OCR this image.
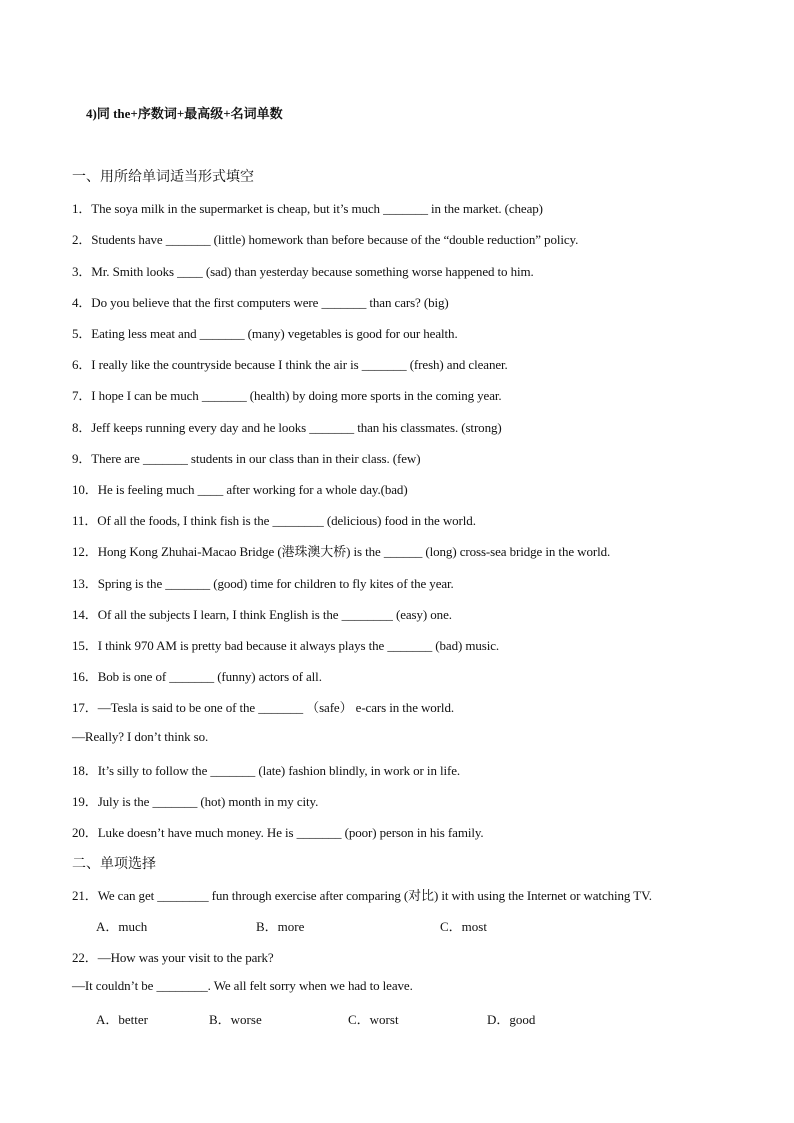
4)同 the+序数词+最高级+名词单数
一、用所给单词适当形式填空
1．The soya milk in the supermarket is cheap, but it’s much _______ in the market. (cheap)
2．Students have _______ (little) homework than before because of the “double reduction” policy.
3．Mr. Smith looks ____ (sad) than yesterday because something worse happened to him.
4．Do you believe that the first computers were _______ than cars? (big)
5．Eating less meat and _______ (many) vegetables is good for our health.
6．I really like the countryside because I think the air is _______ (fresh) and cleaner.
7．I hope I can be much _______ (health) by doing more sports in the coming year.
8．Jeff keeps running every day and he looks _______ than his classmates. (strong)
9．There are _______ students in our class than in their class. (few)
10．He is feeling much ____ after working for a whole day.(bad)
11．Of all the foods, I think fish is the ________ (delicious) food in the world.
12．Hong Kong Zhuhai-Macao Bridge (港珠澳大桥) is the ______ (long) cross-sea bridge in the world.
13．Spring is the _______ (good) time for children to fly kites of the year.
14．Of all the subjects I learn, I think English is the ________ (easy) one.
15．I think 970 AM is pretty bad because it always plays the _______ (bad) music.
16．Bob is one of _______ (funny) actors of all.
17．—Tesla is said to be one of the _______ （safe） e-cars in the world.
—Really? I don’t think so.
18．It’s silly to follow the _______ (late) fashion blindly, in work or in life.
19．July is the _______ (hot) month in my city.
20．Luke doesn’t have much money. He is _______ (poor) person in his family.
二、单项选择
21．We can get ________ fun through exercise after comparing (对比) it with using the Internet or watching TV.
A．much	B．more	C．most
22．—How was your visit to the park?
—It couldn’t be ________. We all felt sorry when we had to leave.
A．better	B．worse	C．worst	D．good
